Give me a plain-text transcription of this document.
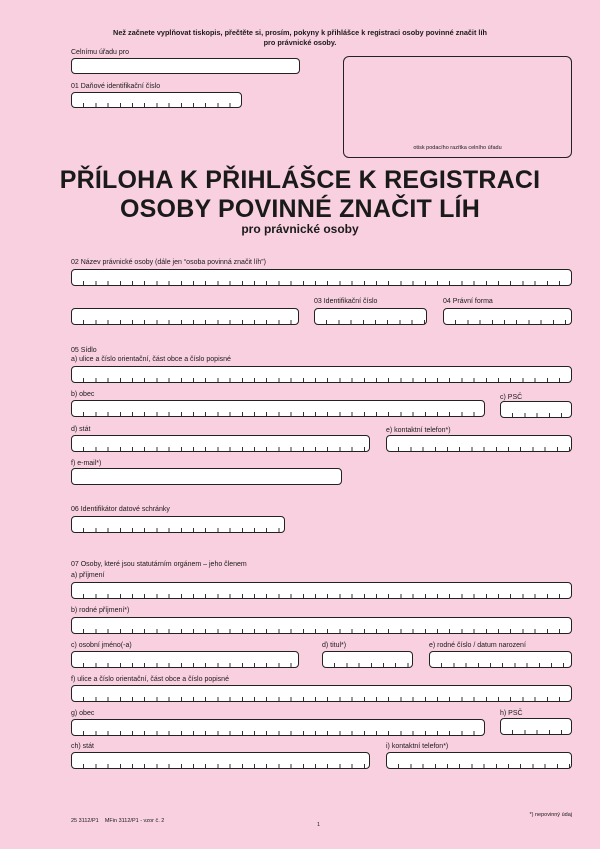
Než začnete vyplňovat tiskopis, přečtěte si, prosím, pokyny k přihlášce k registraci osoby povinné značit líh
pro právnické osoby.
Celnímu úřadu pro
01 Daňové identifikační číslo
otisk podacího razítka celního úřadu
PŘÍLOHA K PŘIHLÁŠCE K REGISTRACI
OSOBY POVINNÉ ZNAČIT LÍH
pro právnické osoby
02 Název právnické osoby (dále jen “osoba povinná značit líh”)
03 Identifikační číslo	04 Právní forma
05 Sídlo
a) ulice a číslo orientační, část obce a číslo popisné
b) obec	c) PSČ
d) stát	e) kontaktní telefon*)
f) e-mail*)
06 Identifikátor datové schránky
07 Osoby, které jsou statutárním orgánem – jeho členem
a) příjmení
b) rodné příjmení*)
c) osobní jméno(-a)	d) titul*)	e) rodné číslo / datum narození
f) ulice a číslo orientační, část obce a číslo popisné
g) obec	h) PSČ
ch) stát	i) kontaktní telefon*)
*) nepovinný údaj
25 3112/P1    MFin 3112/P1 - vzor č. 2
1
